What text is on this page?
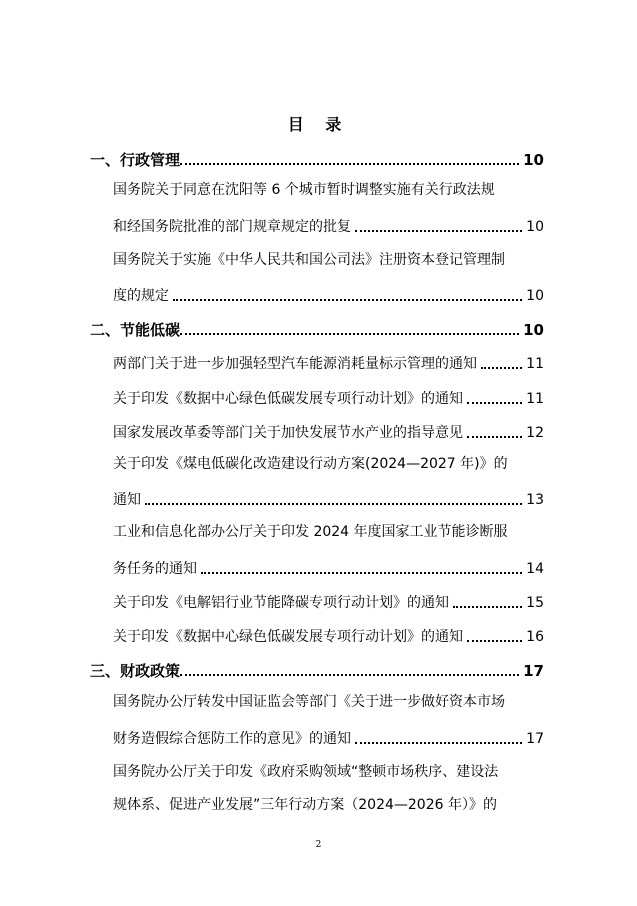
目 录
一、行政管理	10
国务院关于同意在沈阳等 6 个城市暂时调整实施有关行政法规
和经国务院批准的部门规章规定的批复	10
国务院关于实施《中华人民共和国公司法》注册资本登记管理制
度的规定	10
二、节能低碳	10
两部门关于进一步加强轻型汽车能源消耗量标示管理的通知	11
关于印发《数据中心绿色低碳发展专项行动计划》的通知	11
国家发展改革委等部门关于加快发展节水产业的指导意见	12
关于印发《煤电低碳化改造建设行动方案(2024—2027 年)》的
通知	13
工业和信息化部办公厅关于印发 2024 年度国家工业节能诊断服
务任务的通知	14
关于印发《电解铝行业节能降碳专项行动计划》的通知	15
关于印发《数据中心绿色低碳发展专项行动计划》的通知	16
三、财政政策	17
国务院办公厅转发中国证监会等部门《关于进一步做好资本市场
财务造假综合惩防工作的意见》的通知	17
国务院办公厅关于印发《政府采购领域“整顿市场秩序、建设法
规体系、促进产业发展”三年行动方案（2024—2026 年）》的
2
